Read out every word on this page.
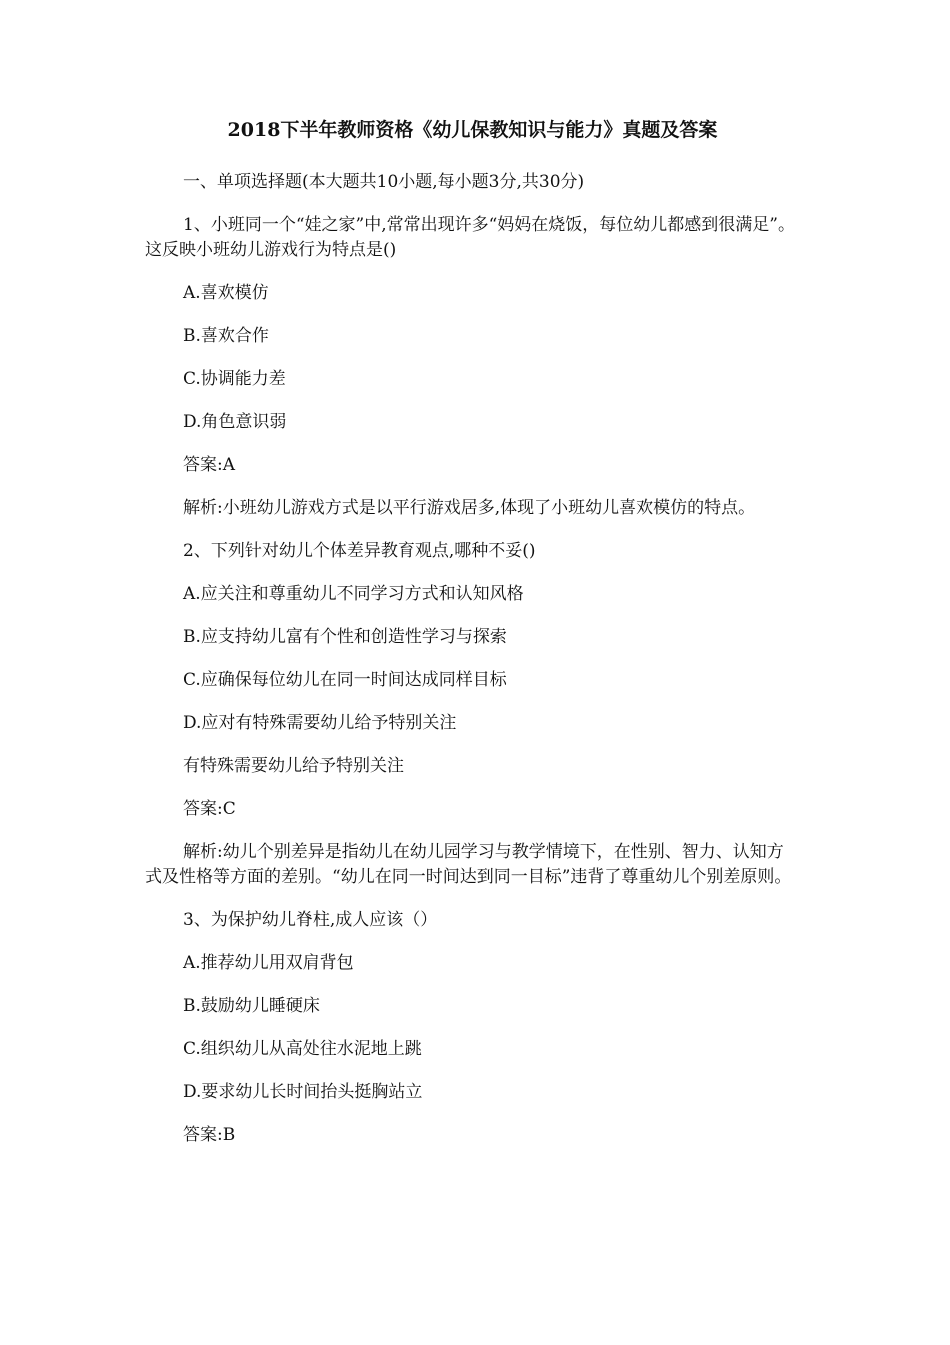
2018下半年教师资格《幼儿保教知识与能力》真题及答案

一、单项选择题(本大题共10小题,每小题3分,共30分)

1、小班同一个“娃之家”中,常常出现许多“妈妈在烧饭，每位幼儿都感到很满足”。这反映小班幼儿游戏行为特点是()

A.喜欢模仿

B.喜欢合作

C.协调能力差

D.角色意识弱

答案:A

解析:小班幼儿游戏方式是以平行游戏居多,体现了小班幼儿喜欢模仿的特点。

2、下列针对幼儿个体差异教育观点,哪种不妥()

A.应关注和尊重幼儿不同学习方式和认知风格

B.应支持幼儿富有个性和创造性学习与探索

C.应确保每位幼儿在同一时间达成同样目标

D.应对有特殊需要幼儿给予特别关注

有特殊需要幼儿给予特别关注

答案:C

解析:幼儿个别差异是指幼儿在幼儿园学习与教学情境下，在性别、智力、认知方式及性格等方面的差别。“幼儿在同一时间达到同一目标”违背了尊重幼儿个别差原则。

3、为保护幼儿脊柱,成人应该（）

A.推荐幼儿用双肩背包

B.鼓励幼儿睡硬床

C.组织幼儿从高处往水泥地上跳

D.要求幼儿长时间抬头挺胸站立

答案:B
